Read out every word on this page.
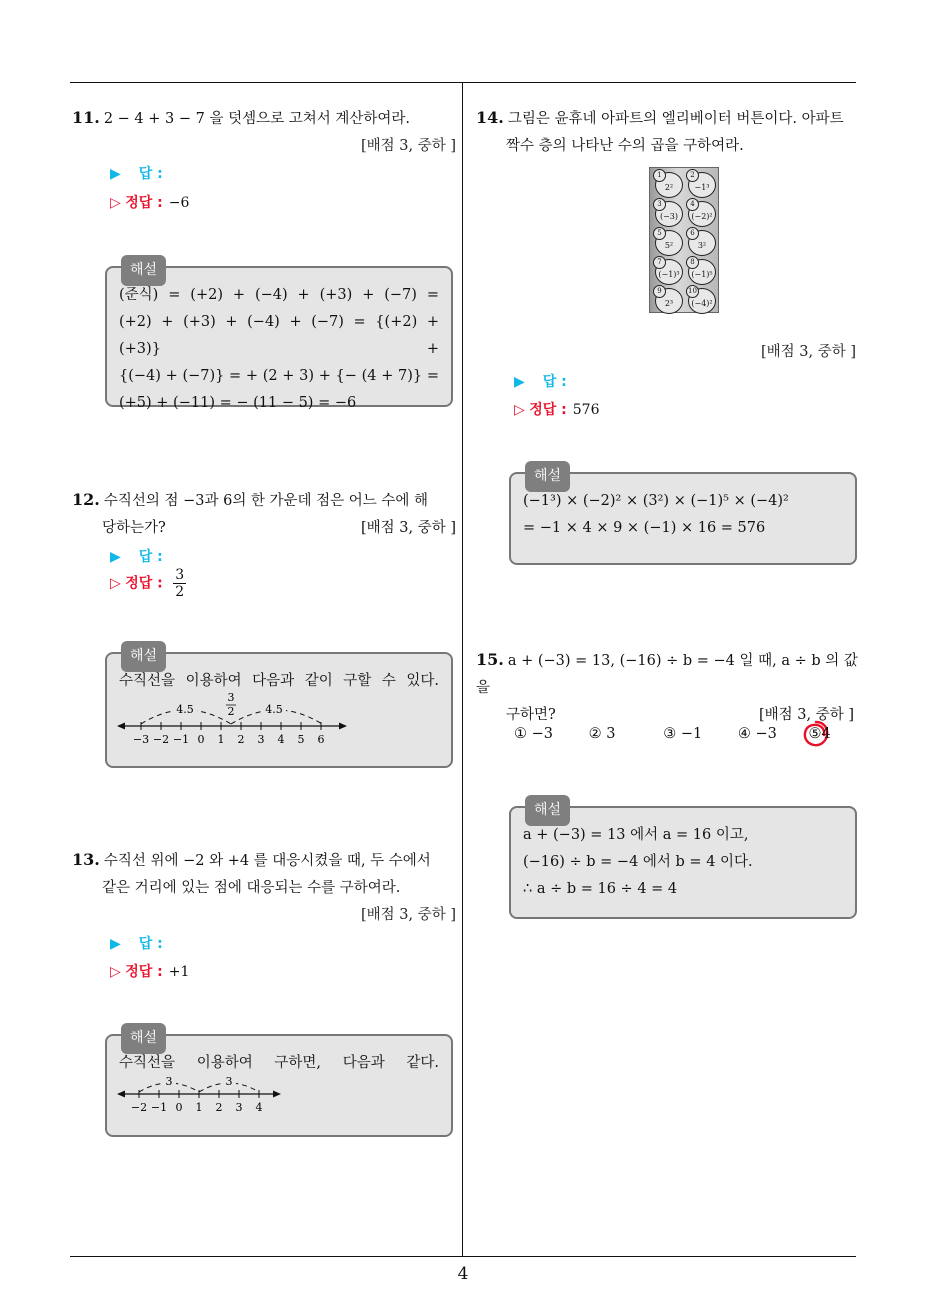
11. 2 − 4 + 3 − 7 을 덧셈으로 고쳐서 계산하여라.
[배점 3, 중하 ]
▶ 답 :
▷ 정답 : −6
해설
(준식) = (+2) + (−4) + (+3) + (−7) =
(+2) + (+3) + (−4) + (−7) = {(+2) + (+3)} +
{(−4) + (−7)} = + (2 + 3) + {− (4 + 7)} =
(+5) + (−11) = − (11 − 5) = −6
12. 수직선의 점 −3과 6의 한 가운데 점은 어느 수에 해
당하는가?	[배점 3, 중하 ]
▶ 답 :
▷ 정답 : $\frac{3}{2}$
해설
수직선을 이용하여 다음과 같이 구할 수 있다.
4.5	4.5
3
2
−3 −2 −1 0 1 2 3 4 5 6
13. 수직선 위에 −2 와 +4 를 대응시켰을 때, 두 수에서
같은 거리에 있는 점에 대응되는 수를 구하여라.
[배점 3, 중하 ]
▶ 답 :
▷ 정답 : +1
해설
수직선을 이용하여 구하면, 다음과 같다.
3	3
−2 −1 0 1 2 3 4
14. 그림은 윤휴네 아파트의 엘리베이터 버튼이다. 아파트
짝수 층의 나타난 수의 곱을 구하여라.
1
2²
2
−1³
3
(−3)
4
(−2)²
5
5²
6
3²
7
(−1)³
8
(−1)⁵
9
2³
10
(−4)²
[배점 3, 중하 ]
▶ 답 :
▷ 정답 : 576
해설
(−1³) × (−2)² × (3²) × (−1)⁵ × (−4)²
= −1 × 4 × 9 × (−1) × 16 = 576
15. a + (−3) = 13, (−16) ÷ b = −4 일 때, a ÷ b 의 값을
구하면?	[배점 3, 중하 ]
① −3 ② 3	③ −1 ④ −3 ⑤4
해설
a + (−3) = 13 에서 a = 16 이고,
(−16) ÷ b = −4 에서 b = 4 이다.
∴ a ÷ b = 16 ÷ 4 = 4
4
